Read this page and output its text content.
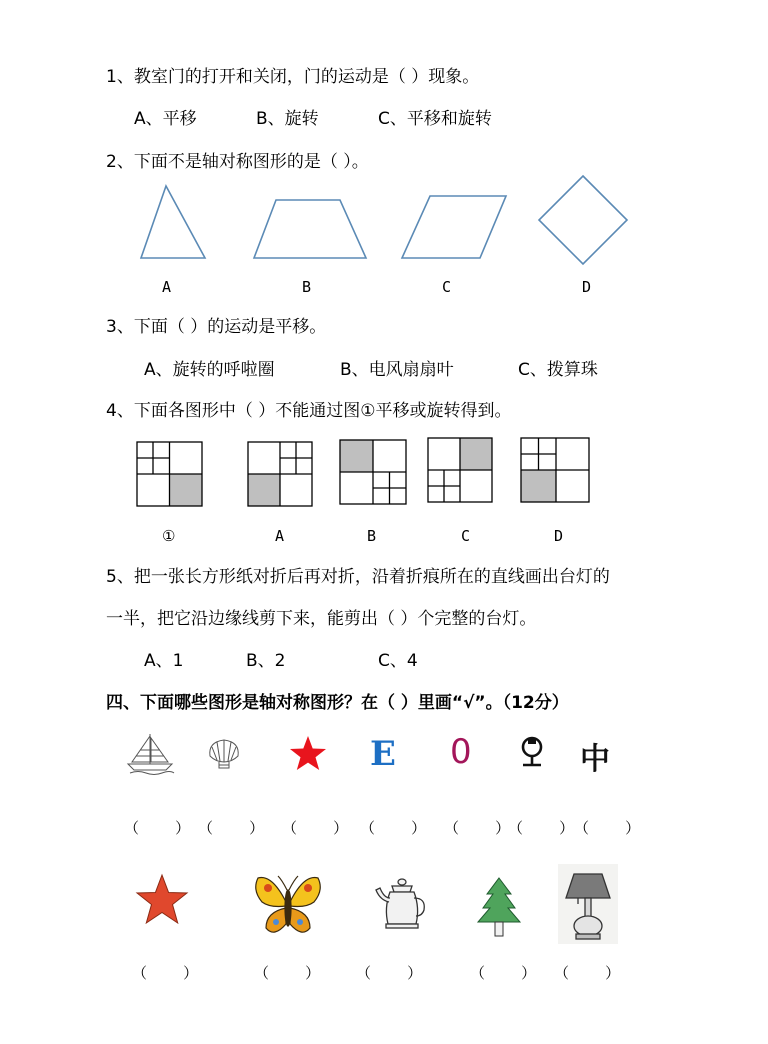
1、教室门的打开和关闭，门的运动是（ ）现象。
A、平移	B、旋转	C、平移和旋转
2、下面不是轴对称图形的是（ ）。
A	B	C	D
3、下面（ ）的运动是平移。
A、旋转的呼啦圈	B、电风扇扇叶	C、拨算珠
4、下面各图形中（ ）不能通过图①平移或旋转得到。
①	A	B	C	D
5、把一张长方形纸对折后再对折，沿着折痕所在的直线画出台灯的
一半，把它沿边缘线剪下来，能剪出（ ）个完整的台灯。
A、1	B、2	C、4
四、下面哪些图形是轴对称图形？在（ ）里画“√”。（12分）
E 0	中
（    ） （    ） （    ） （    ） （    ）
（    ） （    ）
（    ）	（    ） （    ）	（    ） （    ）
